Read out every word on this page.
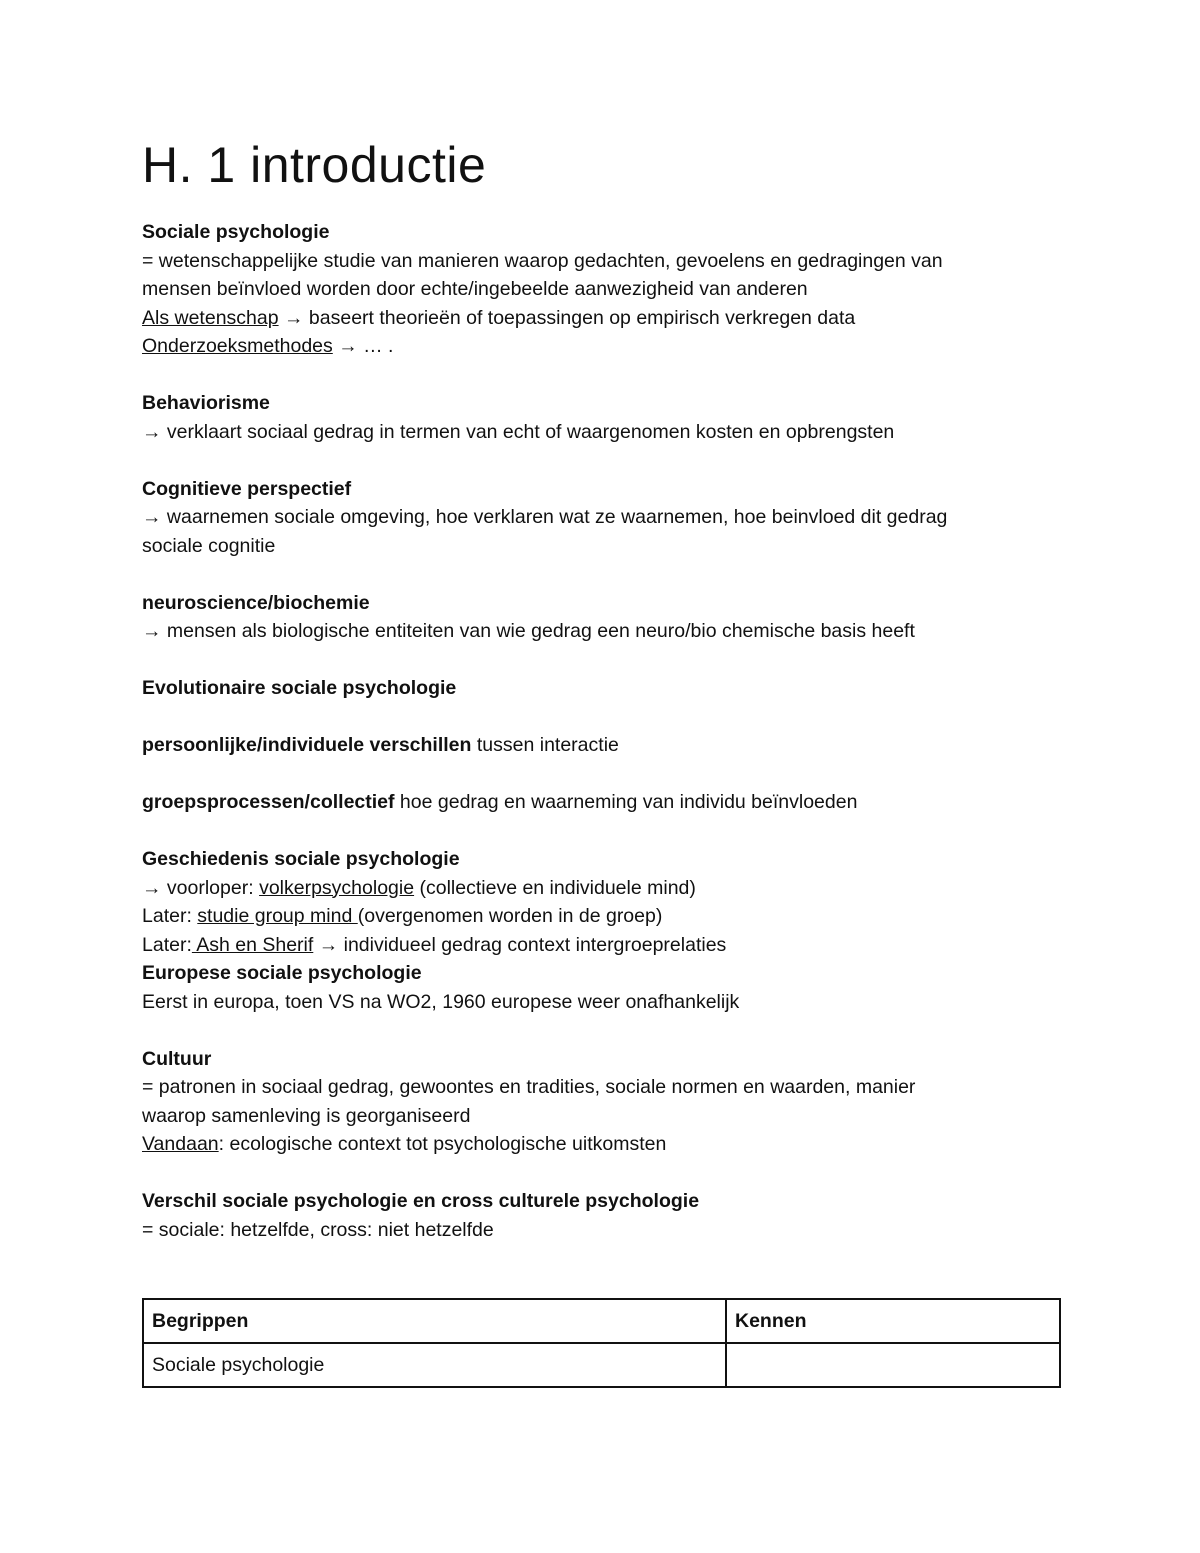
H. 1 introductie

Sociale psychologie

= wetenschappelijke studie van manieren waarop gedachten, gevoelens en gedragingen van

mensen beïnvloed worden door echte/ingebeelde aanwezigheid van anderen

Als wetenschap → baseert theorieën of toepassingen op empirisch verkregen data

Onderzoeksmethodes → … .

Behaviorisme

→ verklaart sociaal gedrag in termen van echt of waargenomen kosten en opbrengsten

Cognitieve perspectief

→ waarnemen sociale omgeving, hoe verklaren wat ze waarnemen, hoe beinvloed dit gedrag

sociale cognitie

neuroscience/biochemie

→ mensen als biologische entiteiten van wie gedrag een neuro/bio chemische basis heeft

Evolutionaire sociale psychologie

persoonlijke/individuele verschillen tussen interactie

groepsprocessen/collectief hoe gedrag en waarneming van individu beïnvloeden

Geschiedenis sociale psychologie

→ voorloper: volkerpsychologie (collectieve en individuele mind)

Later: studie group mind (overgenomen worden in de groep)

Later: Ash en Sherif → individueel gedrag context intergroeprelaties

Europese sociale psychologie

Eerst in europa, toen VS na WO2, 1960 europese weer onafhankelijk

Cultuur

= patronen in sociaal gedrag, gewoontes en tradities, sociale normen en waarden, manier

waarop samenleving is georganiseerd

Vandaan: ecologische context tot psychologische uitkomsten

Verschil sociale psychologie en cross culturele psychologie

= sociale: hetzelfde, cross: niet hetzelfde

Begrippen	Kennen
Sociale psychologie	
